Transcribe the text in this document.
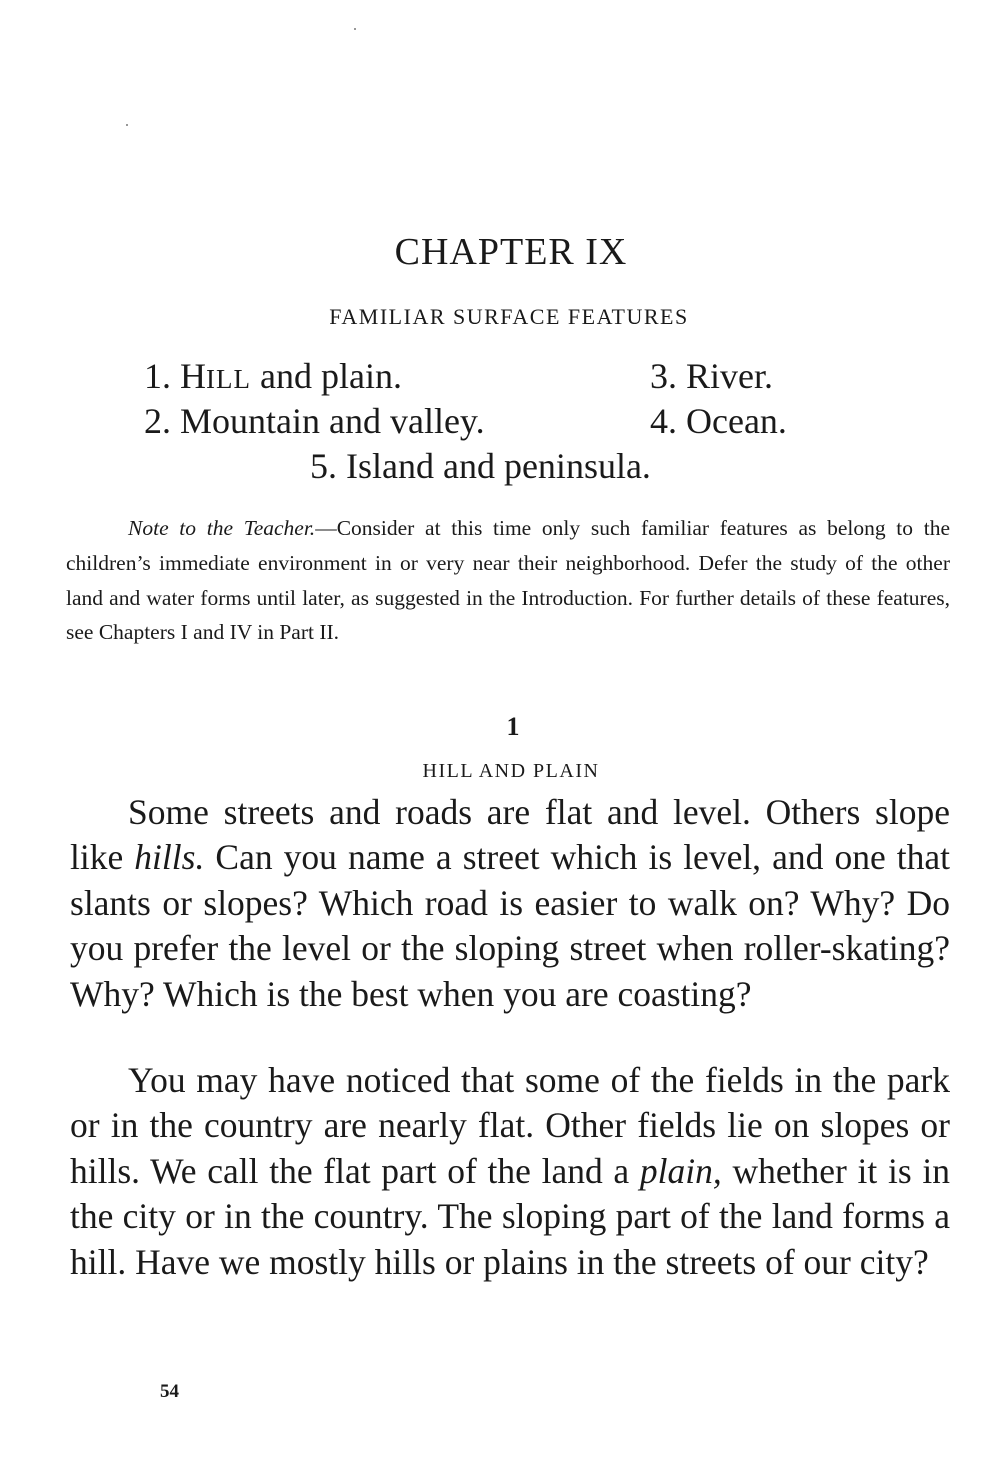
CHAPTER IX
FAMILIAR SURFACE FEATURES
1. HILL and plain.
2. Mountain and valley.
3. River.
4. Ocean.
5. Island and peninsula.

Note to the Teacher.—Consider at this time only such familiar features as belong to the children’s immediate environment in or very near their neighborhood. Defer the study of the other land and water forms until later, as suggested in the Introduction. For further details of these features, see Chapters I and IV in Part II.

1
HILL AND PLAIN

Some streets and roads are flat and level. Others slope like hills. Can you name a street which is level, and one that slants or slopes? Which road is easier to walk on? Why? Do you prefer the level or the sloping street when roller-skating? Why? Which is the best when you are coasting?

You may have noticed that some of the fields in the park or in the country are nearly flat. Other fields lie on slopes or hills. We call the flat part of the land a plain, whether it is in the city or in the country. The sloping part of the land forms a hill. Have we mostly hills or plains in the streets of our city?

54
